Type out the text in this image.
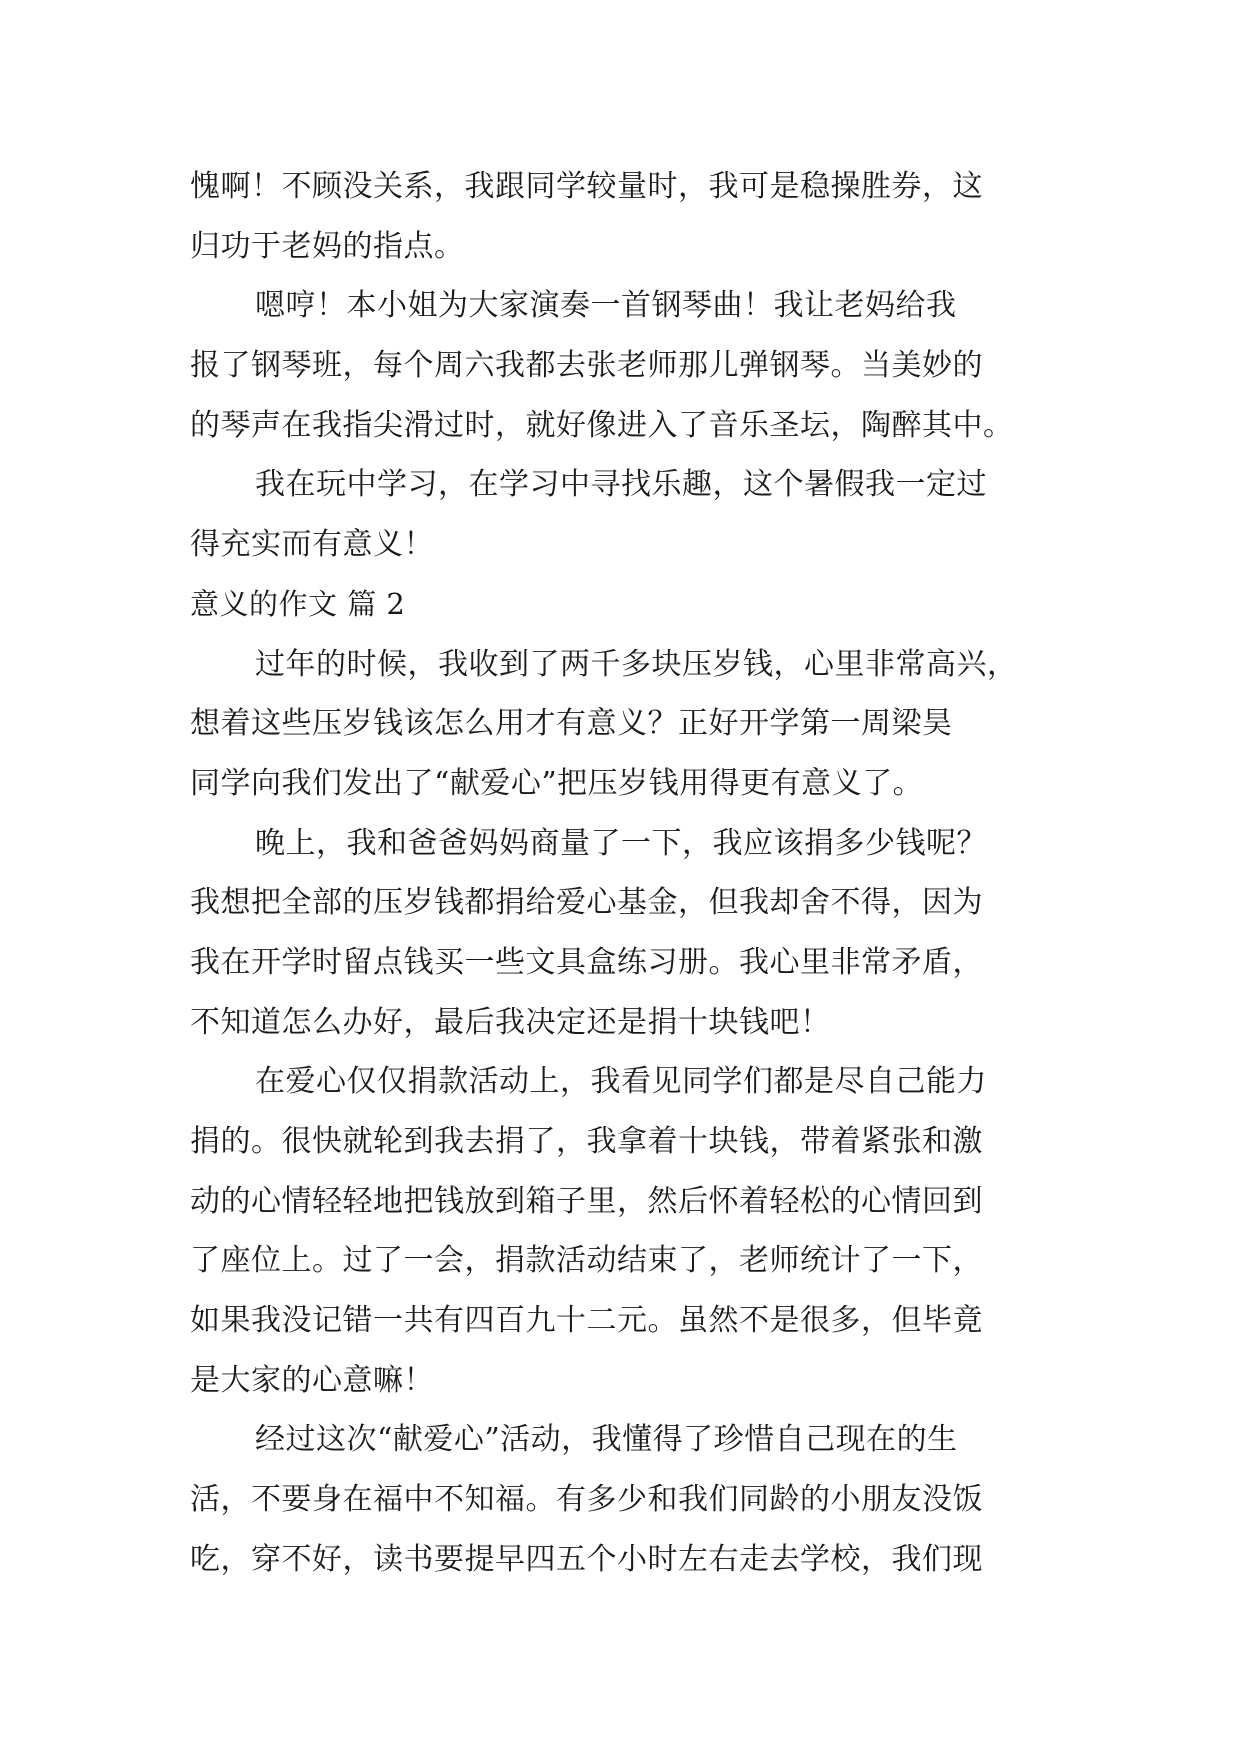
愧啊！不顾没关系，我跟同学较量时，我可是稳操胜券，这
归功于老妈的指点。
嗯哼！本小姐为大家演奏一首钢琴曲！我让老妈给我
报了钢琴班，每个周六我都去张老师那儿弹钢琴。当美妙的
的琴声在我指尖滑过时，就好像进入了音乐圣坛，陶醉其中。
我在玩中学习，在学习中寻找乐趣，这个暑假我一定过
得充实而有意义！
意义的作文 篇 2
过年的时候，我收到了两千多块压岁钱，心里非常高兴，
想着这些压岁钱该怎么用才有意义？正好开学第一周梁昊
同学向我们发出了“献爱心”把压岁钱用得更有意义了。
晚上，我和爸爸妈妈商量了一下，我应该捐多少钱呢？
我想把全部的压岁钱都捐给爱心基金，但我却舍不得，因为
我在开学时留点钱买一些文具盒练习册。我心里非常矛盾，
不知道怎么办好，最后我决定还是捐十块钱吧！
在爱心仅仅捐款活动上，我看见同学们都是尽自己能力
捐的。很快就轮到我去捐了，我拿着十块钱，带着紧张和激
动的心情轻轻地把钱放到箱子里，然后怀着轻松的心情回到
了座位上。过了一会，捐款活动结束了，老师统计了一下，
如果我没记错一共有四百九十二元。虽然不是很多，但毕竟
是大家的心意嘛！
经过这次“献爱心”活动，我懂得了珍惜自己现在的生
活，不要身在福中不知福。有多少和我们同龄的小朋友没饭
吃，穿不好，读书要提早四五个小时左右走去学校，我们现
